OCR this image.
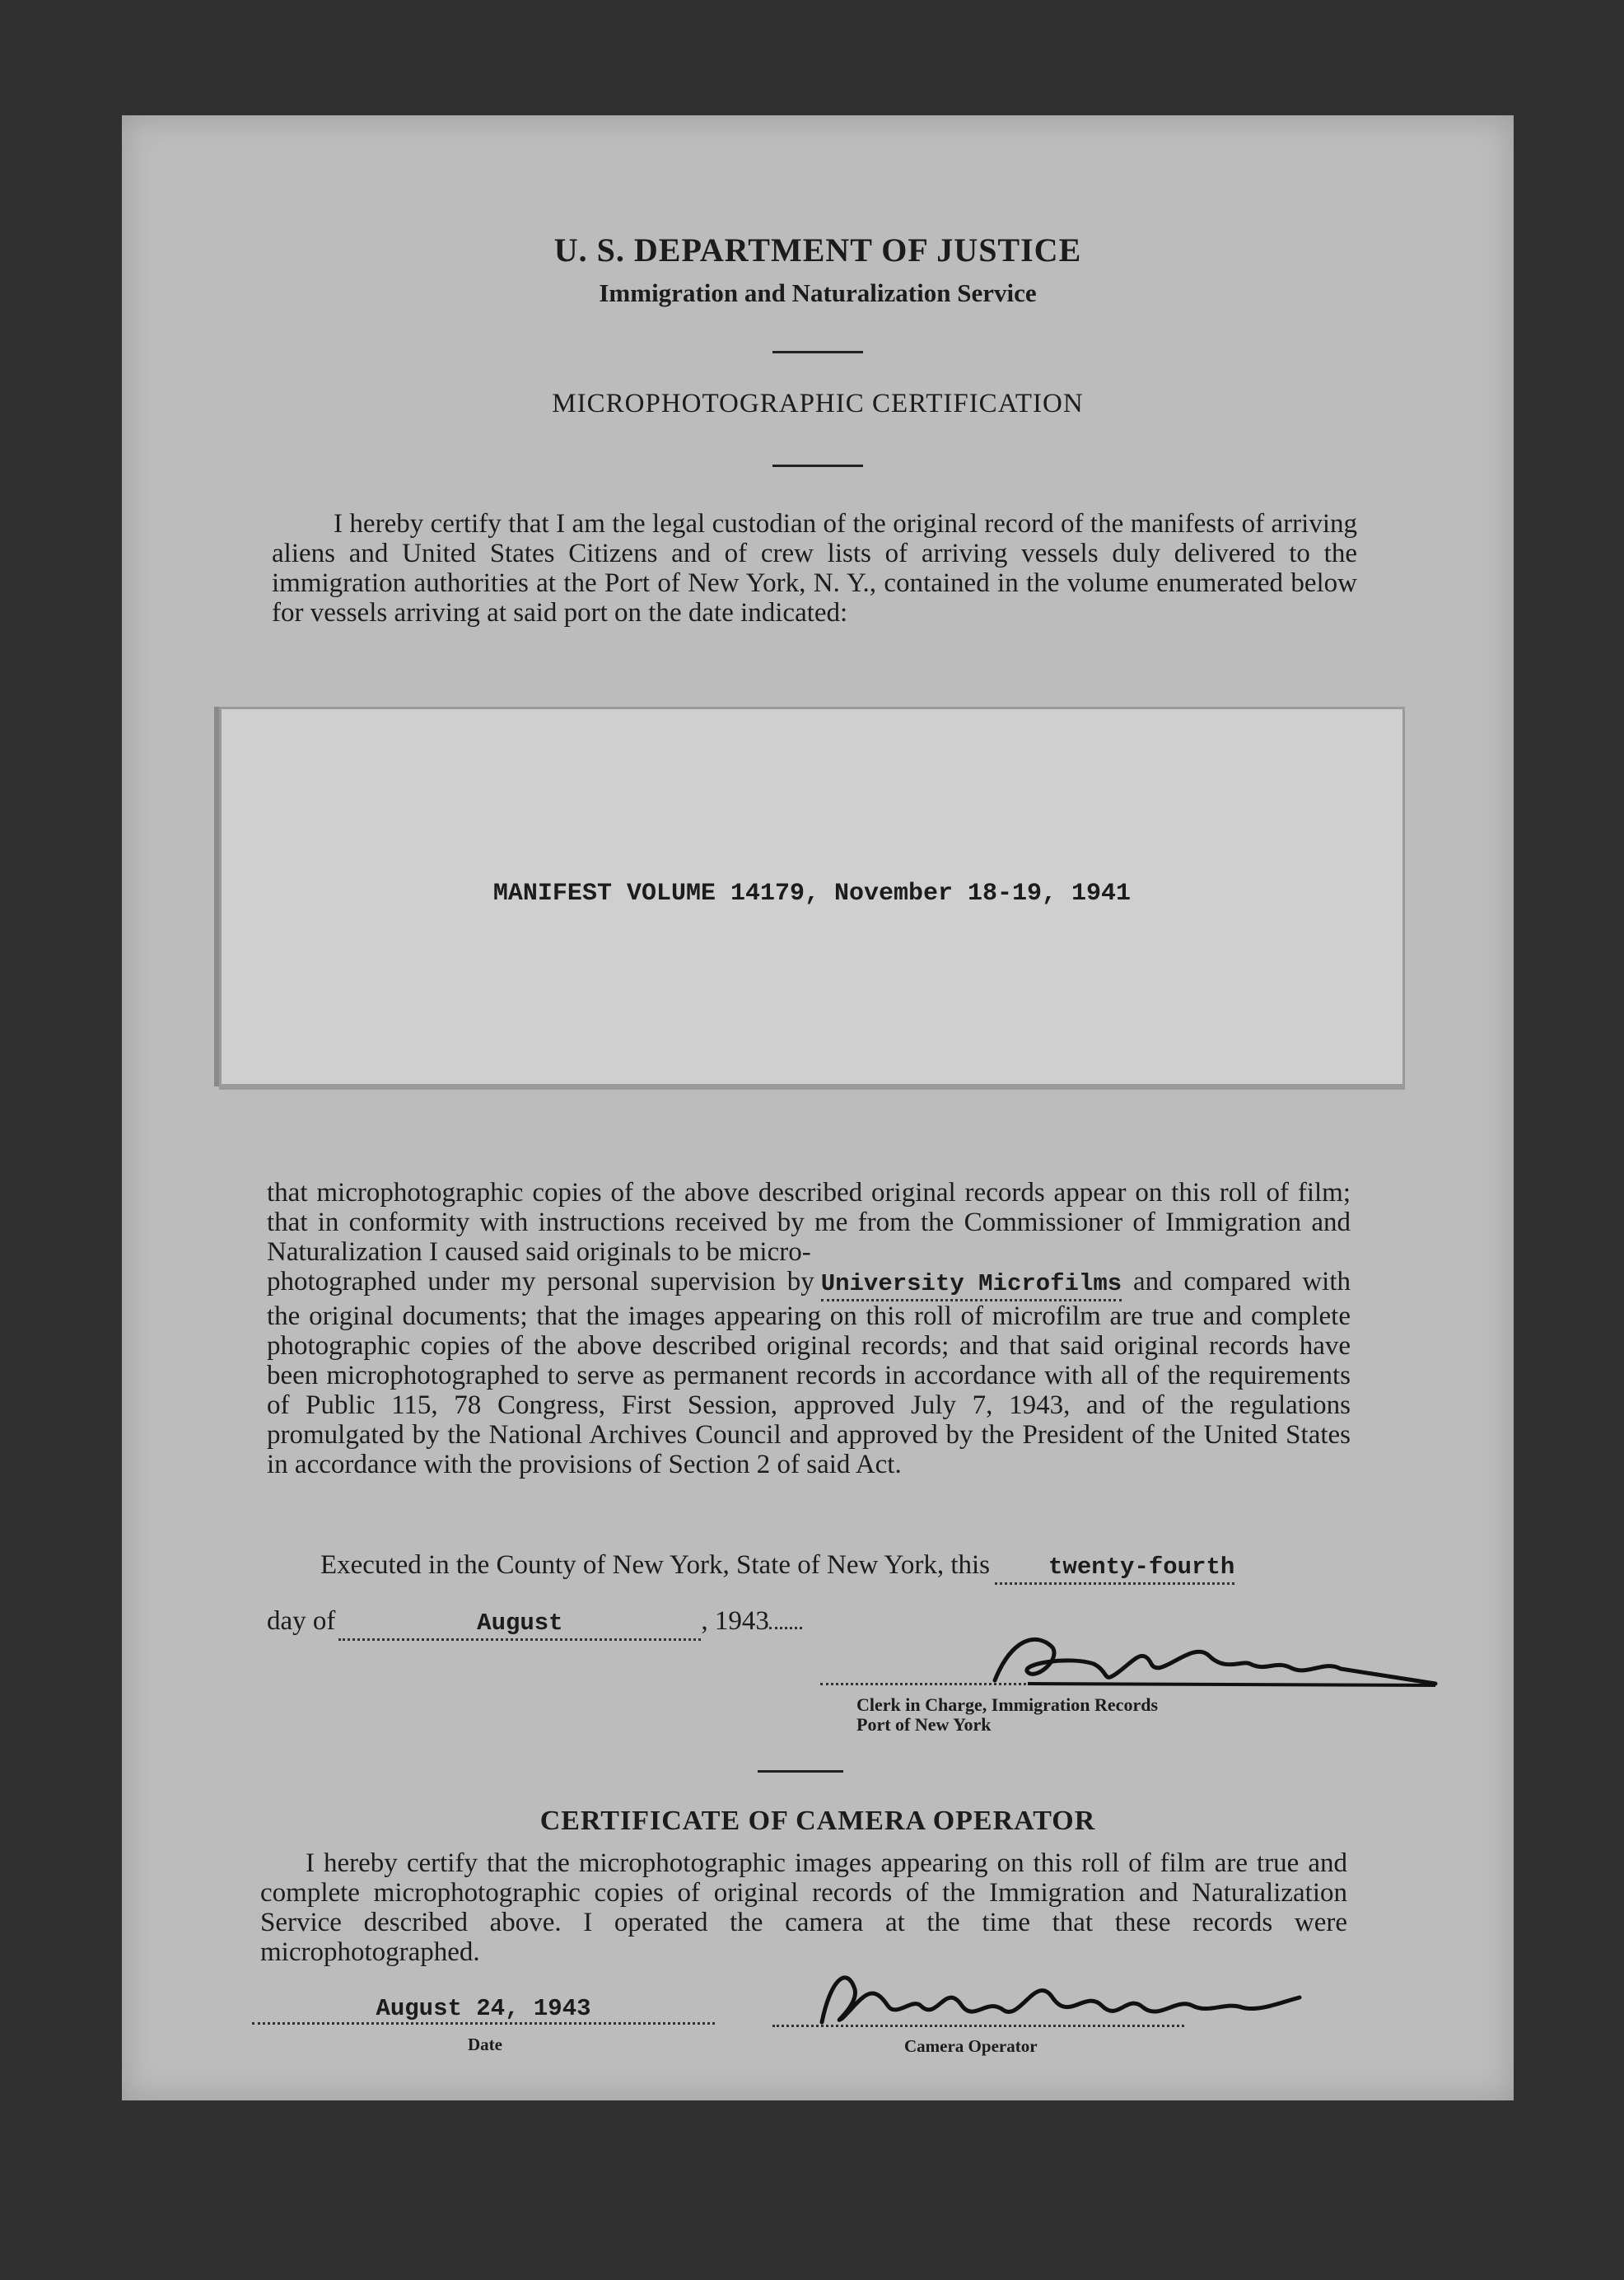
U. S. DEPARTMENT OF JUSTICE
Immigration and Naturalization Service
MICROPHOTOGRAPHIC CERTIFICATION
I hereby certify that I am the legal custodian of the original record of the manifests of arriving aliens and United States Citizens and of crew lists of arriving vessels duly delivered to the immigration authorities at the Port of New York, N. Y., contained in the volume enumerated below for vessels arriving at said port on the date indicated:
MANIFEST VOLUME 14179, November 18-19, 1941
that microphotographic copies of the above described original records appear on this roll of film; that in conformity with instructions received by me from the Commissioner of Immigration and Naturalization I caused said originals to be micro-
photographed under my personal supervision by University Microfilms and compared with the original documents; that the images appearing on this roll of microfilm are true and complete photographic copies of the above described original records; and that said original records have been microphotographed to serve as permanent records in accordance with all of the requirements of Public 115, 78 Congress, First Session, approved July 7, 1943, and of the regulations promulgated by the National Archives Council and approved by the President of the United States in accordance with the provisions of Section 2 of said Act.
Executed in the County of New York, State of New York, this twenty-fourth
day of	August	, 1943
Clerk in Charge, Immigration Records
Port of New York
CERTIFICATE OF CAMERA OPERATOR
I hereby certify that the microphotographic images appearing on this roll of film are true and complete microphotographic copies of original records of the Immigration and Naturalization Service described above. I operated the camera at the time that these records were microphotographed.
August 24, 1943
Date	Camera Operator
